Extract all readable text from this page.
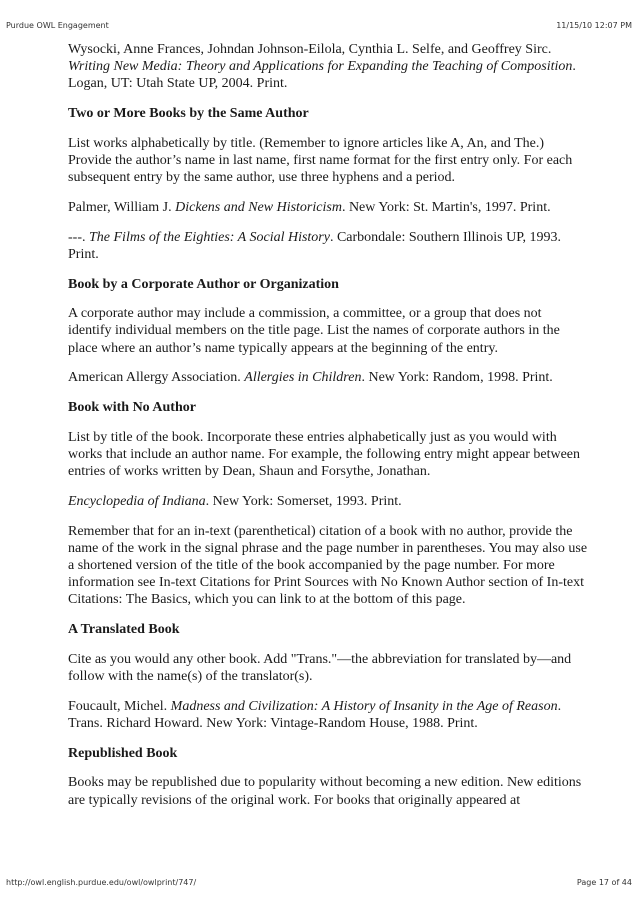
Purdue OWL Engagement	11/15/10 12:07 PM

Wysocki, Anne Frances, Johndan Johnson-Eilola, Cynthia L. Selfe, and Geoffrey Sirc. Writing New Media: Theory and Applications for Expanding the Teaching of Composition. Logan, UT: Utah State UP, 2004. Print.

Two or More Books by the Same Author

List works alphabetically by title. (Remember to ignore articles like A, An, and The.) Provide the author’s name in last name, first name format for the first entry only. For each subsequent entry by the same author, use three hyphens and a period.

Palmer, William J. Dickens and New Historicism. New York: St. Martin's, 1997. Print.

---. The Films of the Eighties: A Social History. Carbondale: Southern Illinois UP, 1993. Print.

Book by a Corporate Author or Organization

A corporate author may include a commission, a committee, or a group that does not identify individual members on the title page. List the names of corporate authors in the place where an author’s name typically appears at the beginning of the entry.

American Allergy Association. Allergies in Children. New York: Random, 1998. Print.

Book with No Author

List by title of the book. Incorporate these entries alphabetically just as you would with works that include an author name. For example, the following entry might appear between entries of works written by Dean, Shaun and Forsythe, Jonathan.

Encyclopedia of Indiana. New York: Somerset, 1993. Print.

Remember that for an in-text (parenthetical) citation of a book with no author, provide the name of the work in the signal phrase and the page number in parentheses. You may also use a shortened version of the title of the book accompanied by the page number. For more information see In-text Citations for Print Sources with No Known Author section of In-text Citations: The Basics, which you can link to at the bottom of this page.

A Translated Book

Cite as you would any other book. Add "Trans."—the abbreviation for translated by—and follow with the name(s) of the translator(s).

Foucault, Michel. Madness and Civilization: A History of Insanity in the Age of Reason. Trans. Richard Howard. New York: Vintage-Random House, 1988. Print.

Republished Book

Books may be republished due to popularity without becoming a new edition. New editions are typically revisions of the original work. For books that originally appeared at

http://owl.english.purdue.edu/owl/owlprint/747/	Page 17 of 44
